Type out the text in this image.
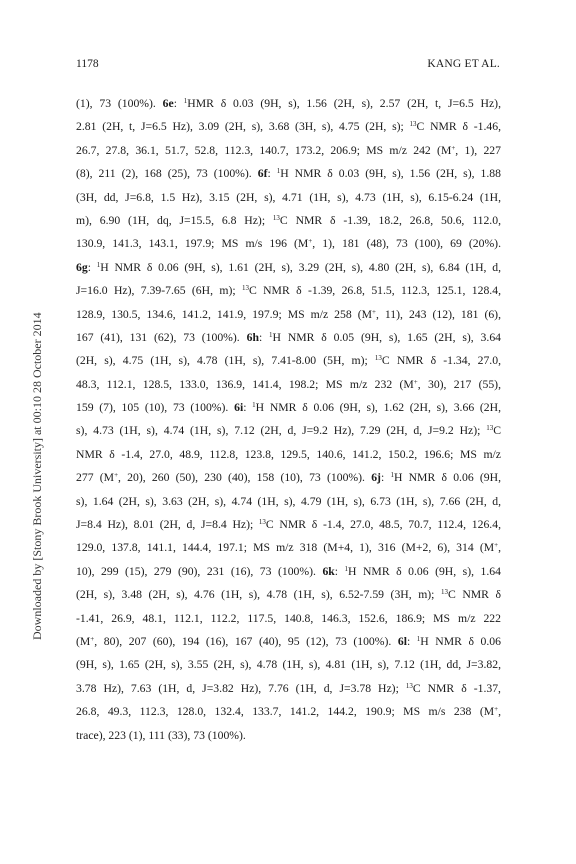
1178	KANG ET AL.
Downloaded by [Stony Brook University] at 00:10 28 October 2014
(1), 73 (100%). 6e: $^1$HMR δ 0.03 (9H, s), 1.56 (2H, s), 2.57 (2H, t, J=6.5 Hz),
2.81 (2H, t, J=6.5 Hz), 3.09 (2H, s), 3.68 (3H, s), 4.75 (2H, s); $^{13}$C NMR δ -1.46,
26.7, 27.8, 36.1, 51.7, 52.8, 112.3, 140.7, 173.2, 206.9; MS m/z 242 (M+, 1), 227
(8), 211 (2), 168 (25), 73 (100%). 6f: $^1$H NMR δ 0.03 (9H, s), 1.56 (2H, s), 1.88
(3H, dd, J=6.8, 1.5 Hz), 3.15 (2H, s), 4.71 (1H, s), 4.73 (1H, s), 6.15-6.24 (1H,
m), 6.90 (1H, dq, J=15.5, 6.8 Hz); $^{13}$C NMR δ -1.39, 18.2, 26.8, 50.6, 112.0,
130.9, 141.3, 143.1, 197.9; MS m/s 196 (M+, 1), 181 (48), 73 (100), 69 (20%).
6g: $^1$H NMR δ 0.06 (9H, s), 1.61 (2H, s), 3.29 (2H, s), 4.80 (2H, s), 6.84 (1H, d,
J=16.0 Hz), 7.39-7.65 (6H, m); $^{13}$C NMR δ -1.39, 26.8, 51.5, 112.3, 125.1, 128.4,
128.9, 130.5, 134.6, 141.2, 141.9, 197.9; MS m/z 258 (M+, 11), 243 (12), 181 (6),
167 (41), 131 (62), 73 (100%). 6h: $^1$H NMR δ 0.05 (9H, s), 1.65 (2H, s), 3.64
(2H, s), 4.75 (1H, s), 4.78 (1H, s), 7.41-8.00 (5H, m); $^{13}$C NMR δ -1.34, 27.0,
48.3, 112.1, 128.5, 133.0, 136.9, 141.4, 198.2; MS m/z 232 (M+, 30), 217 (55),
159 (7), 105 (10), 73 (100%). 6i: $^1$H NMR δ 0.06 (9H, s), 1.62 (2H, s), 3.66 (2H,
s), 4.73 (1H, s), 4.74 (1H, s), 7.12 (2H, d, J=9.2 Hz), 7.29 (2H, d, J=9.2 Hz); $^{13}$C
NMR δ -1.4, 27.0, 48.9, 112.8, 123.8, 129.5, 140.6, 141.2, 150.2, 196.6; MS m/z
277 (M+, 20), 260 (50), 230 (40), 158 (10), 73 (100%). 6j: $^1$H NMR δ 0.06 (9H,
s), 1.64 (2H, s), 3.63 (2H, s), 4.74 (1H, s), 4.79 (1H, s), 6.73 (1H, s), 7.66 (2H, d,
J=8.4 Hz), 8.01 (2H, d, J=8.4 Hz); $^{13}$C NMR δ -1.4, 27.0, 48.5, 70.7, 112.4, 126.4,
129.0, 137.8, 141.1, 144.4, 197.1; MS m/z 318 (M+4, 1), 316 (M+2, 6), 314 (M+,
10), 299 (15), 279 (90), 231 (16), 73 (100%). 6k: $^1$H NMR δ 0.06 (9H, s), 1.64
(2H, s), 3.48 (2H, s), 4.76 (1H, s), 4.78 (1H, s), 6.52-7.59 (3H, m); $^{13}$C NMR δ
-1.41, 26.9, 48.1, 112.1, 112.2, 117.5, 140.8, 146.3, 152.6, 186.9; MS m/z 222
(M+, 80), 207 (60), 194 (16), 167 (40), 95 (12), 73 (100%). 6l: $^1$H NMR δ 0.06
(9H, s), 1.65 (2H, s), 3.55 (2H, s), 4.78 (1H, s), 4.81 (1H, s), 7.12 (1H, dd, J=3.82,
3.78 Hz), 7.63 (1H, d, J=3.82 Hz), 7.76 (1H, d, J=3.78 Hz); $^{13}$C NMR δ -1.37,
26.8, 49.3, 112.3, 128.0, 132.4, 133.7, 141.2, 144.2, 190.9; MS m/s 238 (M+,
trace), 223 (1), 111 (33), 73 (100%).
